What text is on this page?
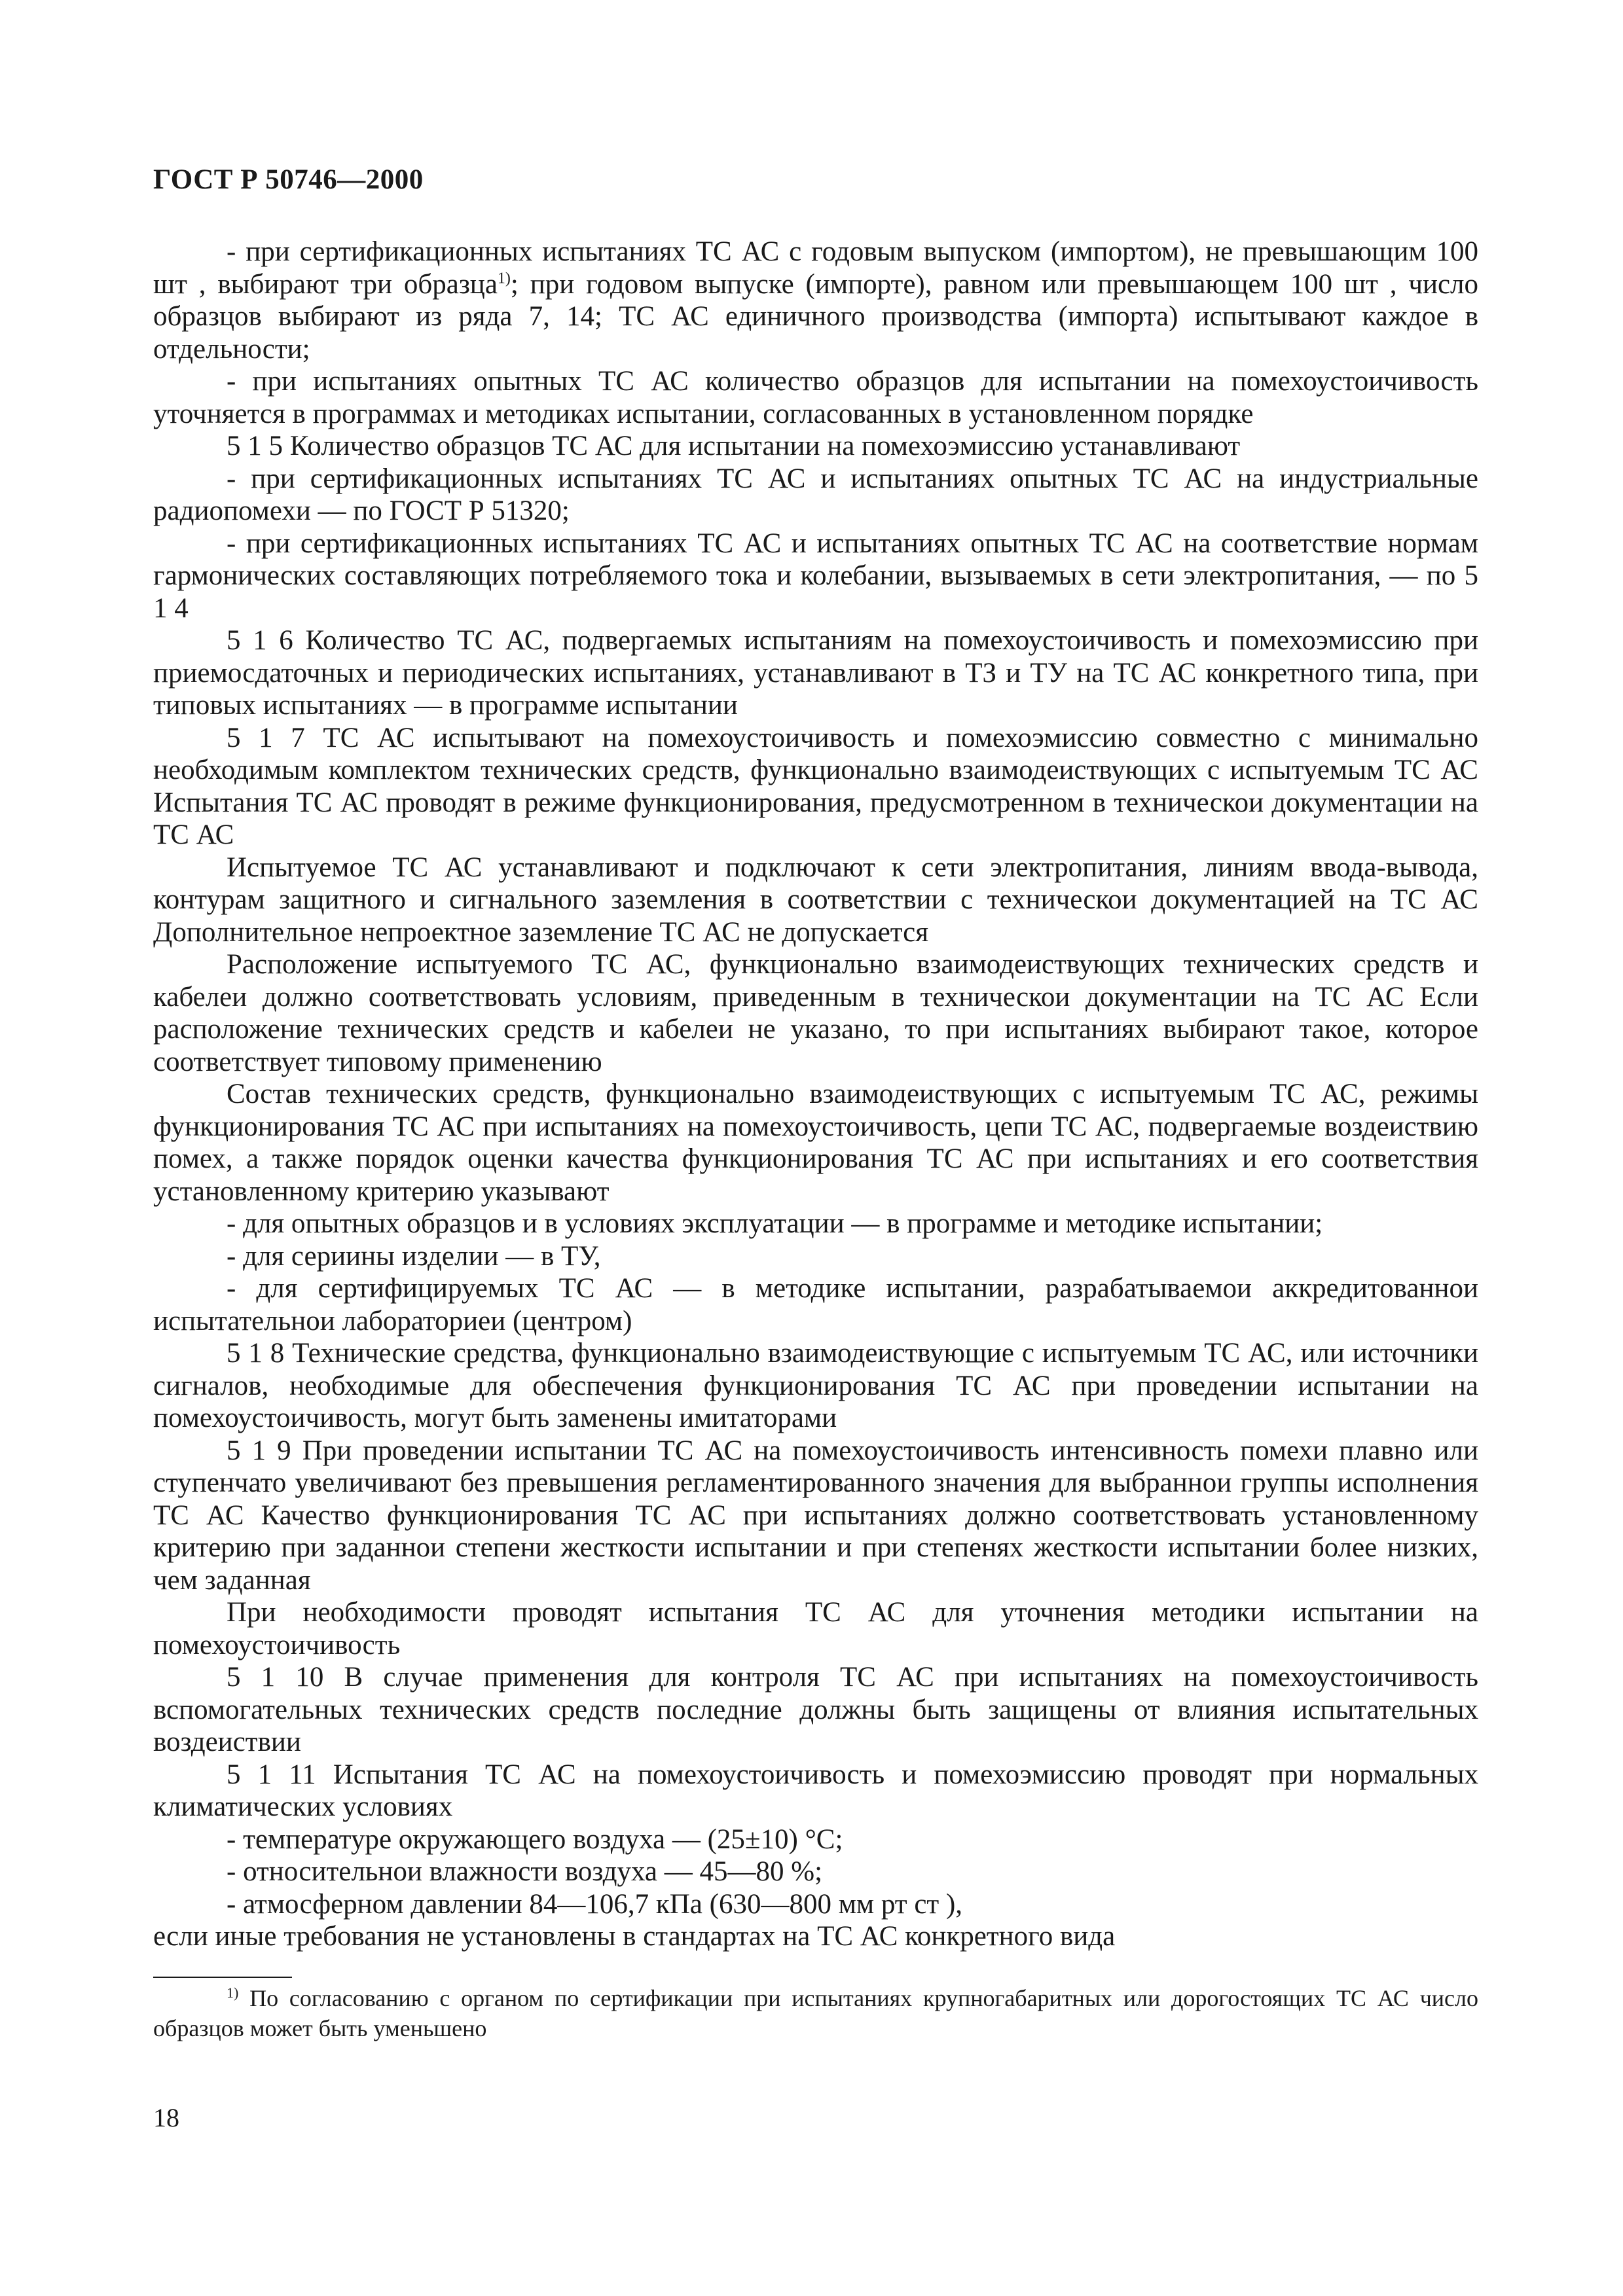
ГОСТ Р 50746—2000

- при сертификационных испытаниях ТС АС с годовым выпуском (импортом), не превышающим 100 шт , выбирают три образца$^{1)}$; при годовом выпуске (импорте), равном или превышающем 100 шт , число образцов выбирают из ряда 7, 14; ТС АС единичного производства (импорта) испытывают каждое в отдельности;

- при испытаниях опытных ТС АС количество образцов для испытании на помехоустоичивость уточняется в программах и методиках испытании, согласованных в установленном порядке

5 1 5 Количество образцов ТС АС для испытании на помехоэмиссию устанавливают

- при сертификационных испытаниях ТС АС и испытаниях опытных ТС АС на индустриальные радиопомехи — по ГОСТ Р 51320;

- при сертификационных испытаниях ТС АС и испытаниях опытных ТС АС на соответствие нормам гармонических составляющих потребляемого тока и колебании, вызываемых в сети электропитания, — по 5 1 4

5 1 6 Количество ТС АС, подвергаемых испытаниям на помехоустоичивость и помехоэмиссию при приемосдаточных и периодических испытаниях, устанавливают в ТЗ и ТУ на ТС АС конкретного типа, при типовых испытаниях — в программе испытании

5 1 7 ТС АС испытывают на помехоустоичивость и помехоэмиссию совместно с минимально необходимым комплектом технических средств, функционально взаимодеиствующих с испытуемым ТС АС Испытания ТС АС проводят в режиме функционирования, предусмотренном в техническои документации на ТС АС

Испытуемое ТС АС устанавливают и подключают к сети электропитания, линиям ввода-вывода, контурам защитного и сигнального заземления в соответствии с техническои документацией на ТС АС Дополнительное непроектное заземление ТС АС не допускается

Расположение испытуемого ТС АС, функционально взаимодеиствующих технических средств и кабелеи должно соответствовать условиям, приведенным в техническои документации на ТС АС Если расположение технических средств и кабелеи не указано, то при испытаниях выбирают такое, которое соответствует типовому применению

Состав технических средств, функционально взаимодеиствующих с испытуемым ТС АС, режимы функционирования ТС АС при испытаниях на помехоустоичивость, цепи ТС АС, подвергаемые воздеиствию помех, а также порядок оценки качества функционирования ТС АС при испытаниях и его соответствия установленному критерию указывают

- для опытных образцов и в условиях эксплуатации — в программе и методике испытании;

- для сериины изделии — в ТУ,

- для сертифицируемых ТС АС — в методике испытании, разрабатываемои аккредитованнои испытательнои лабораториеи (центром)

5 1 8 Технические средства, функционально взаимодеиствующие с испытуемым ТС АС, или источники сигналов, необходимые для обеспечения функционирования ТС АС при проведении испытании на помехоустоичивость, могут быть заменены имитаторами

5 1 9 При проведении испытании ТС АС на помехоустоичивость интенсивность помехи плавно или ступенчато увеличивают без превышения регламентированного значения для выбраннои группы исполнения ТС АС Качество функционирования ТС АС при испытаниях должно соответствовать установленному критерию при заданнои степени жесткости испытании и при степенях жесткости испытании более низких, чем заданная

При необходимости проводят испытания ТС АС для уточнения методики испытании на помехоустоичивость

5 1 10 В случае применения для контроля ТС АС при испытаниях на помехоустоичивость вспомогательных технических средств последние должны быть защищены от влияния испытательных воздеиствии

5 1 11 Испытания ТС АС на помехоустоичивость и помехоэмиссию проводят при нормальных климатических условиях

- температуре окружающего воздуха — (25±10) °С;

- относительнои влажности воздуха — 45—80 %;

- атмосферном давлении 84—106,7 кПа (630—800 мм рт ст ),

если иные требования не установлены в стандартах на ТС АС конкретного вида

$^{1)}$ По согласованию с органом по сертификации при испытаниях крупногабаритных или дорогостоящих ТС АС число образцов может быть уменьшено

18
